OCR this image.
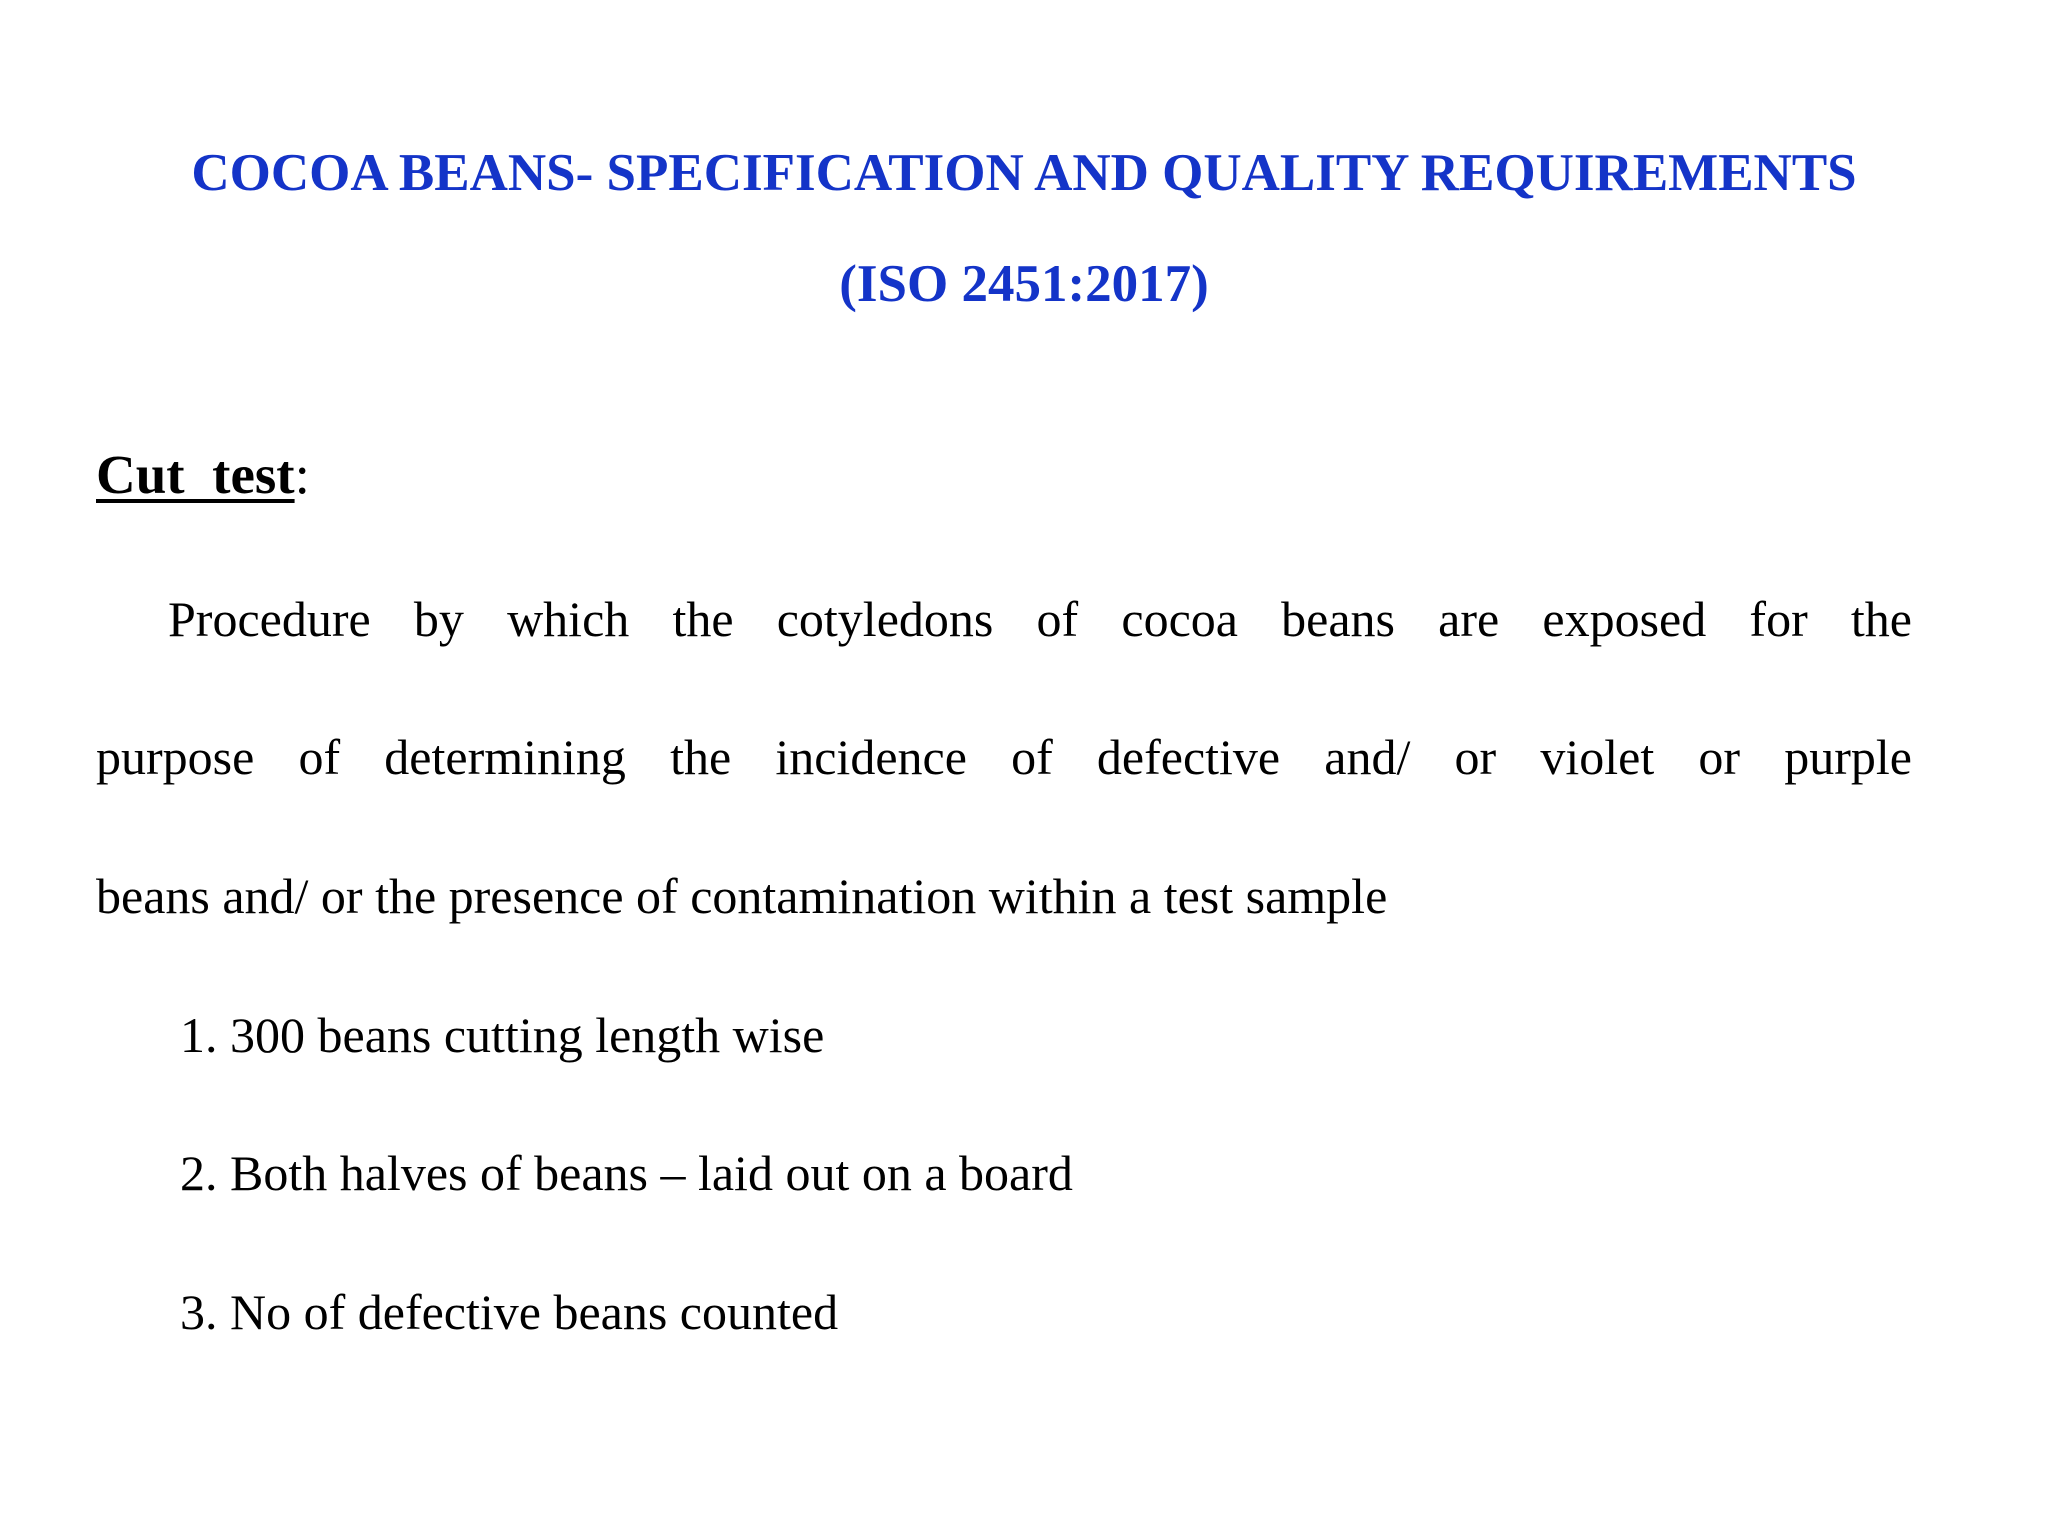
COCOA BEANS- SPECIFICATION AND QUALITY REQUIREMENTS
(ISO 2451:2017)
Cut  test:
Procedure by which the cotyledons of cocoa beans are exposed for the
purpose of determining the incidence of defective and/ or violet or purple
beans and/ or the presence of contamination within a test sample
1. 300 beans cutting length wise
2. Both halves of beans – laid out on a board
3. No of defective beans counted
